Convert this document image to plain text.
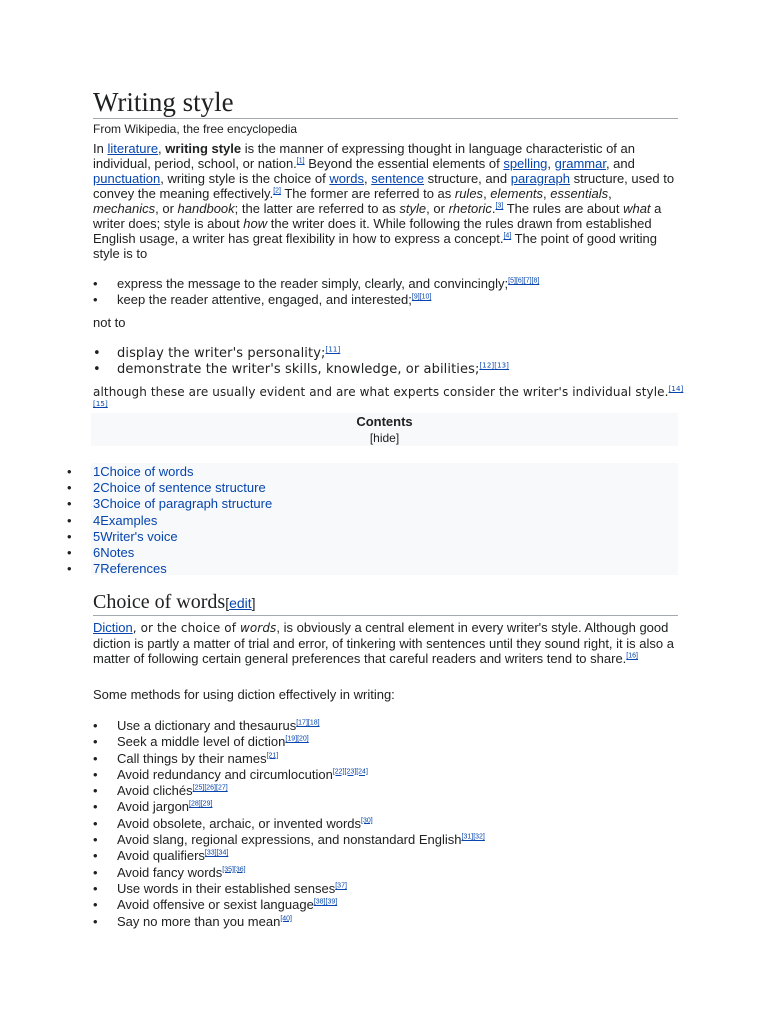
Writing style
From Wikipedia, the free encyclopedia

In literature, writing style is the manner of expressing thought in language characteristic of an individual, period, school, or nation.[1] Beyond the essential elements of spelling, grammar, and punctuation, writing style is the choice of words, sentence structure, and paragraph structure, used to convey the meaning effectively.[2] The former are referred to as rules, elements, essentials, mechanics, or handbook; the latter are referred to as style, or rhetoric.[3] The rules are about what a writer does; style is about how the writer does it. While following the rules drawn from established English usage, a writer has great flexibility in how to express a concept.[4] The point of good writing style is to

• express the message to the reader simply, clearly, and convincingly;[5][6][7][8]
• keep the reader attentive, engaged, and interested;[9][10]
not to
• display the writer's personality;[11]
• demonstrate the writer's skills, knowledge, or abilities;[12][13]
although these are usually evident and are what experts consider the writer's individual style.[14][15]
Contents
[hide]
• 1Choice of words
• 2Choice of sentence structure
• 3Choice of paragraph structure
• 4Examples
• 5Writer's voice
• 6Notes
• 7References
Choice of words[edit]

Diction, or the choice of words, is obviously a central element in every writer's style. Although good diction is partly a matter of trial and error, of tinkering with sentences until they sound right, it is also a matter of following certain general preferences that careful readers and writers tend to share.[16]

Some methods for using diction effectively in writing:
• Use a dictionary and thesaurus[17][18]
• Seek a middle level of diction[19][20]
• Call things by their names[21]
• Avoid redundancy and circumlocution[22][23][24]
• Avoid clichés[25][26][27]
• Avoid jargon[28][29]
• Avoid obsolete, archaic, or invented words[30]
• Avoid slang, regional expressions, and nonstandard English[31][32]
• Avoid qualifiers[33][34]
• Avoid fancy words[35][36]
• Use words in their established senses[37]
• Avoid offensive or sexist language[38][39]
• Say no more than you mean[40]
